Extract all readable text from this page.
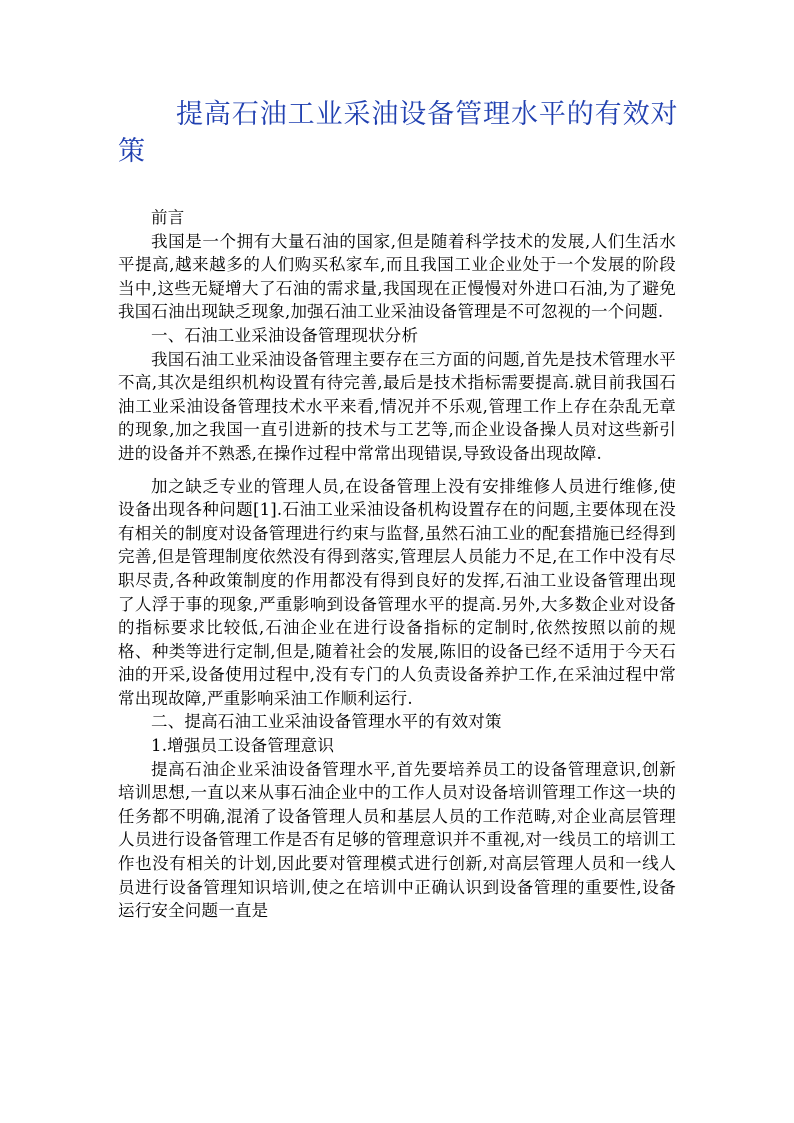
提高石油工业采油设备管理水平的有效对策

前言

我国是一个拥有大量石油的国家,但是随着科学技术的发展,人们生活水平提高,越来越多的人们购买私家车,而且我国工业企业处于一个发展的阶段当中,这些无疑增大了石油的需求量,我国现在正慢慢对外进口石油,为了避免我国石油出现缺乏现象,加强石油工业采油设备管理是不可忽视的一个问题.

一、石油工业采油设备管理现状分析

我国石油工业采油设备管理主要存在三方面的问题,首先是技术管理水平不高,其次是组织机构设置有待完善,最后是技术指标需要提高.就目前我国石油工业采油设备管理技术水平来看,情况并不乐观,管理工作上存在杂乱无章的现象,加之我国一直引进新的技术与工艺等,而企业设备操人员对这些新引进的设备并不熟悉,在操作过程中常常出现错误,导致设备出现故障.

加之缺乏专业的管理人员,在设备管理上没有安排维修人员进行维修,使设备出现各种问题[1].石油工业采油设备机构设置存在的问题,主要体现在没有相关的制度对设备管理进行约束与监督,虽然石油工业的配套措施已经得到完善,但是管理制度依然没有得到落实,管理层人员能力不足,在工作中没有尽职尽责,各种政策制度的作用都没有得到良好的发挥,石油工业设备管理出现了人浮于事的现象,严重影响到设备管理水平的提高.另外,大多数企业对设备的指标要求比较低,石油企业在进行设备指标的定制时,依然按照以前的规格、种类等进行定制,但是,随着社会的发展,陈旧的设备已经不适用于今天石油的开采,设备使用过程中,没有专门的人负责设备养护工作,在采油过程中常常出现故障,严重影响采油工作顺利运行.

二、提高石油工业采油设备管理水平的有效对策

1.增强员工设备管理意识

提高石油企业采油设备管理水平,首先要培养员工的设备管理意识,创新培训思想,一直以来从事石油企业中的工作人员对设备培训管理工作这一块的任务都不明确,混淆了设备管理人员和基层人员的工作范畴,对企业高层管理人员进行设备管理工作是否有足够的管理意识并不重视,对一线员工的培训工作也没有相关的计划,因此要对管理模式进行创新,对高层管理人员和一线人员进行设备管理知识培训,使之在培训中正确认识到设备管理的重要性,设备运行安全问题一直是
